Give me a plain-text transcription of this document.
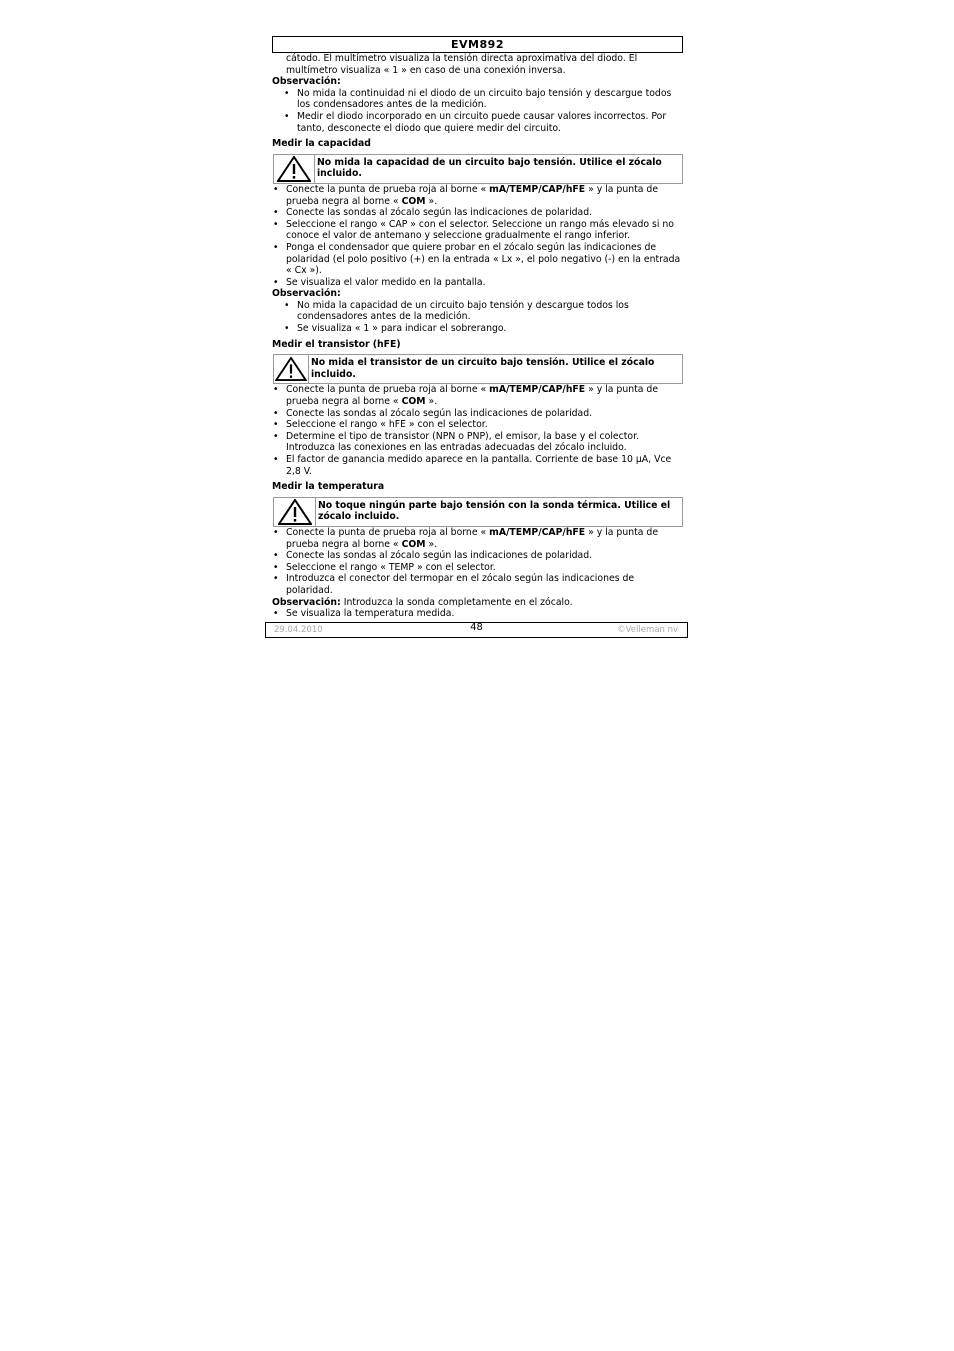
EVM892

cátodo. El multímetro visualiza la tensión directa aproximativa del diodo. El

multímetro visualiza « 1 » en caso de una conexión inversa.

Observación:

• No mida la continuidad ni el diodo de un circuito bajo tensión y descargue todos los condensadores antes de la medición.
• Medir el diodo incorporado en un circuito puede causar valores incorrectos. Por tanto, desconecte el diodo que quiere medir del circuito.

Medir la capacidad

No mida la capacidad de un circuito bajo tensión. Utilice el zócalo incluido.
• Conecte la punta de prueba roja al borne « mA/TEMP/CAP/hFE » y la punta de prueba negra al borne « COM ».
• Conecte las sondas al zócalo según las indicaciones de polaridad.
• Seleccione el rango « CAP » con el selector. Seleccione un rango más elevado si no conoce el valor de antemano y seleccione gradualmente el rango inferior.
• Ponga el condensador que quiere probar en el zócalo según las indicaciones de polaridad (el polo positivo (+) en la entrada « Lx », el polo negativo (-) en la entrada « Cx »).
• Se visualiza el valor medido en la pantalla.

Observación:

• No mida la capacidad de un circuito bajo tensión y descargue todos los condensadores antes de la medición.
• Se visualiza « 1 » para indicar el sobrerango.

Medir el transistor (hFE)

No mida el transistor de un circuito bajo tensión. Utilice el zócalo incluido.
• Conecte la punta de prueba roja al borne « mA/TEMP/CAP/hFE » y la punta de prueba negra al borne « COM ».
• Conecte las sondas al zócalo según las indicaciones de polaridad.
• Seleccione el rango « hFE » con el selector.
• Determine el tipo de transistor (NPN o PNP), el emisor, la base y el colector. Introduzca las conexiones en las entradas adecuadas del zócalo incluido.
• El factor de ganancia medido aparece en la pantalla. Corriente de base 10 µA, Vce 2,8 V.

Medir la temperatura

No toque ningún parte bajo tensión con la sonda térmica. Utilice el zócalo incluido.
• Conecte la punta de prueba roja al borne « mA/TEMP/CAP/hFE » y la punta de prueba negra al borne « COM ».
• Conecte las sondas al zócalo según las indicaciones de polaridad.
• Seleccione el rango « TEMP » con el selector.
• Introduzca el conector del termopar en el zócalo según las indicaciones de polaridad.

Observación: Introduzca la sonda completamente en el zócalo.

• Se visualiza la temperatura medida.
29.04.2010	48	©Velleman nv
